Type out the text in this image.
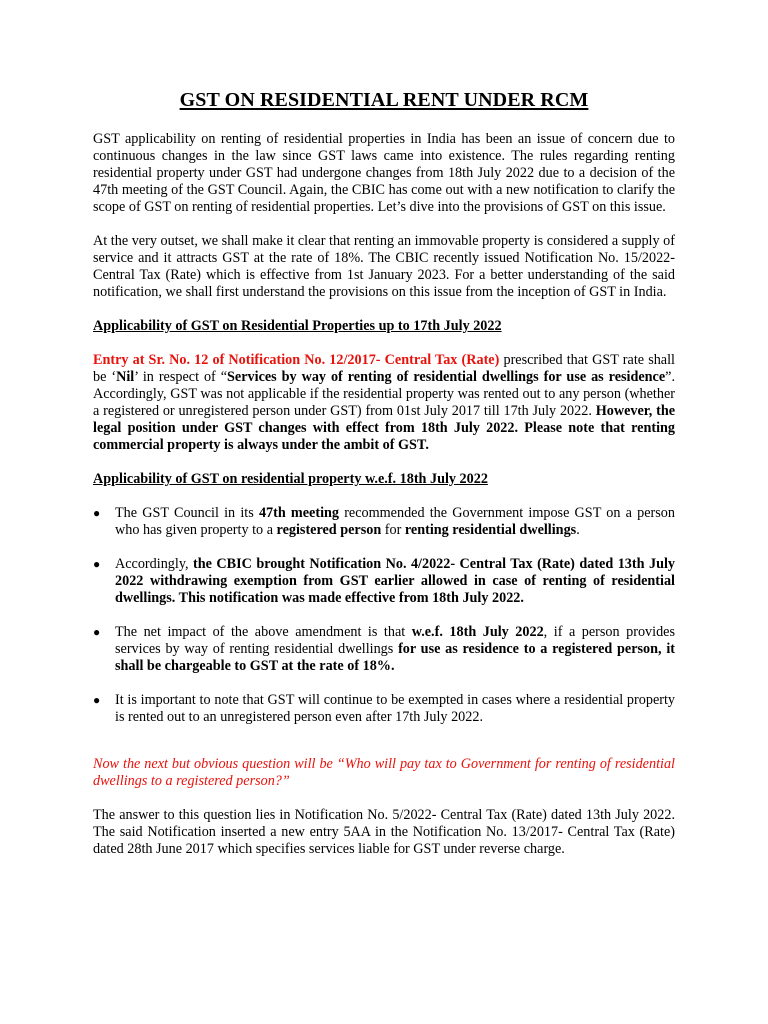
GST ON RESIDENTIAL RENT UNDER RCM

GST applicability on renting of residential properties in India has been an issue of concern due to continuous changes in the law since GST laws came into existence. The rules regarding renting residential property under GST had undergone changes from 18th July 2022 due to a decision of the 47th meeting of the GST Council. Again, the CBIC has come out with a new notification to clarify the scope of GST on renting of residential properties. Let’s dive into the provisions of GST on this issue.

At the very outset, we shall make it clear that renting an immovable property is considered a supply of service and it attracts GST at the rate of 18%. The CBIC recently issued Notification No. 15/2022- Central Tax (Rate) which is effective from 1st January 2023. For a better understanding of the said notification, we shall first understand the provisions on this issue from the inception of GST in India.

Applicability of GST on Residential Properties up to 17th July 2022

Entry at Sr. No. 12 of Notification No. 12/2017- Central Tax (Rate) prescribed that GST rate shall be ‘Nil’ in respect of “Services by way of renting of residential dwellings for use as residence”. Accordingly, GST was not applicable if the residential property was rented out to any person (whether a registered or unregistered person under GST) from 01st July 2017 till 17th July 2022. However, the legal position under GST changes with effect from 18th July 2022. Please note that renting commercial property is always under the ambit of GST.

Applicability of GST on residential property w.e.f. 18th July 2022

● The GST Council in its 47th meeting recommended the Government impose GST on a person who has given property to a registered person for renting residential dwellings.
● Accordingly, the CBIC brought Notification No. 4/2022- Central Tax (Rate) dated 13th July 2022 withdrawing exemption from GST earlier allowed in case of renting of residential dwellings. This notification was made effective from 18th July 2022.
● The net impact of the above amendment is that w.e.f. 18th July 2022, if a person provides services by way of renting residential dwellings for use as residence to a registered person, it shall be chargeable to GST at the rate of 18%.
● It is important to note that GST will continue to be exempted in cases where a residential property is rented out to an unregistered person even after 17th July 2022.

Now the next but obvious question will be “Who will pay tax to Government for renting of residential dwellings to a registered person?”

The answer to this question lies in Notification No. 5/2022- Central Tax (Rate) dated 13th July 2022. The said Notification inserted a new entry 5AA in the Notification No. 13/2017- Central Tax (Rate) dated 28th June 2017 which specifies services liable for GST under reverse charge.
